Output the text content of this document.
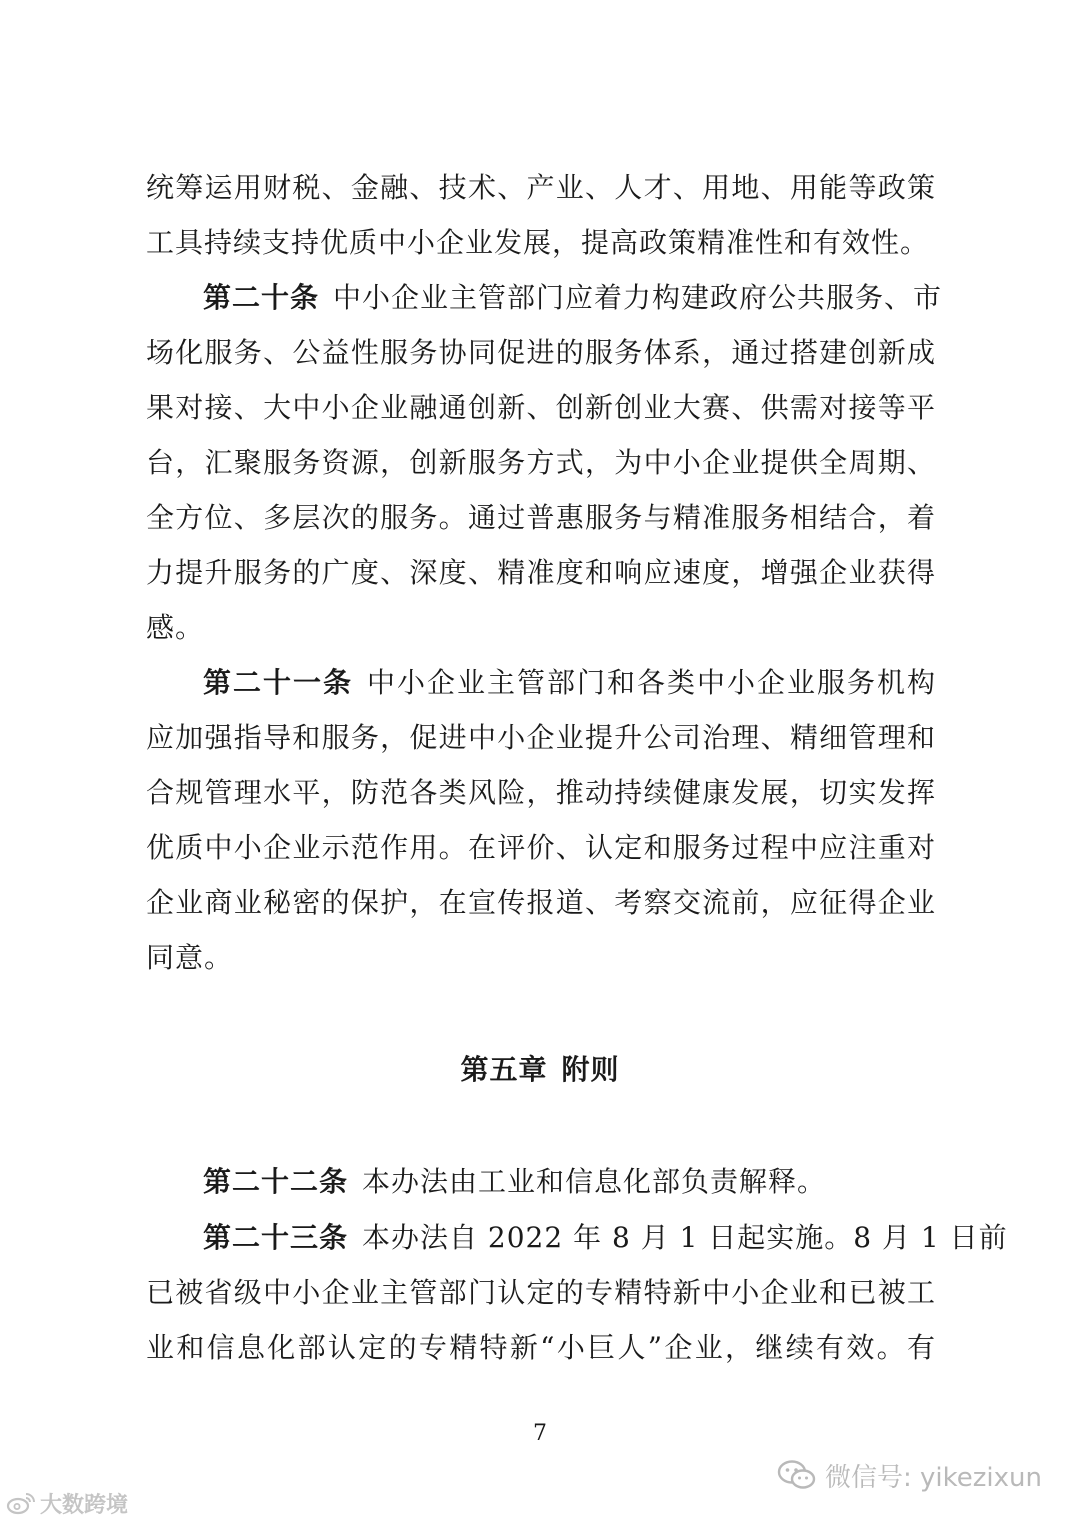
统筹运用财税、金融、技术、产业、人才、用地、用能等政策
工具持续支持优质中小企业发展，提高政策精准性和有效性。
第二十条 中小企业主管部门应着力构建政府公共服务、市
场化服务、公益性服务协同促进的服务体系，通过搭建创新成
果对接、大中小企业融通创新、创新创业大赛、供需对接等平
台，汇聚服务资源，创新服务方式，为中小企业提供全周期、
全方位、多层次的服务。通过普惠服务与精准服务相结合，着
力提升服务的广度、深度、精准度和响应速度，增强企业获得
感。
第二十一条 中小企业主管部门和各类中小企业服务机构
应加强指导和服务，促进中小企业提升公司治理、精细管理和
合规管理水平，防范各类风险，推动持续健康发展，切实发挥
优质中小企业示范作用。在评价、认定和服务过程中应注重对
企业商业秘密的保护，在宣传报道、考察交流前，应征得企业
同意。
第五章 附则
第二十二条 本办法由工业和信息化部负责解释。
第二十三条 本办法自 2022 年 8 月 1 日起实施。8 月 1 日前
已被省级中小企业主管部门认定的专精特新中小企业和已被工
业和信息化部认定的专精特新“小巨人”企业，继续有效。有
7
微信号: yikezixun
大数跨境
